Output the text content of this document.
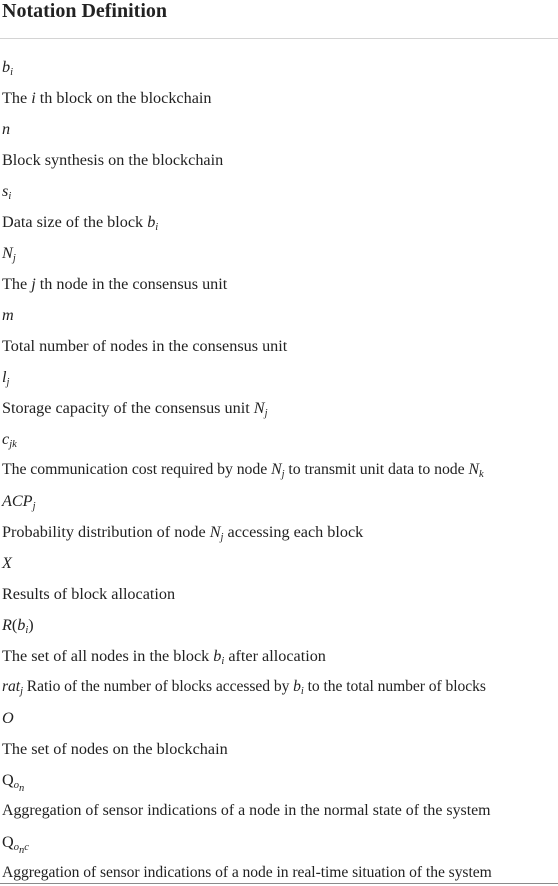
Notation Definition
$b_i$
The i th block on the blockchain
n
Block synthesis on the blockchain
$s_i$
Data size of the block $b_i$
$N_j$
The j th node in the consensus unit
m
Total number of nodes in the consensus unit
$l_j$
Storage capacity of the consensus unit $N_j$
$c_{jk}$
The communication cost required by node $N_j$ to transmit unit data to node $N_k$
$ACP_j$
Probability distribution of node $N_j$ accessing each block
X
Results of block allocation
$R(b_i)$
The set of all nodes in the block $b_i$ after allocation
rat$_j$ Ratio of the number of blocks accessed by $b_i$ to the total number of blocks
O
The set of nodes on the blockchain
$Q_{o_n}$
Aggregation of sensor indications of a node in the normal state of the system
$Q_{o_nc}$
Aggregation of sensor indications of a node in real-time situation of the system
